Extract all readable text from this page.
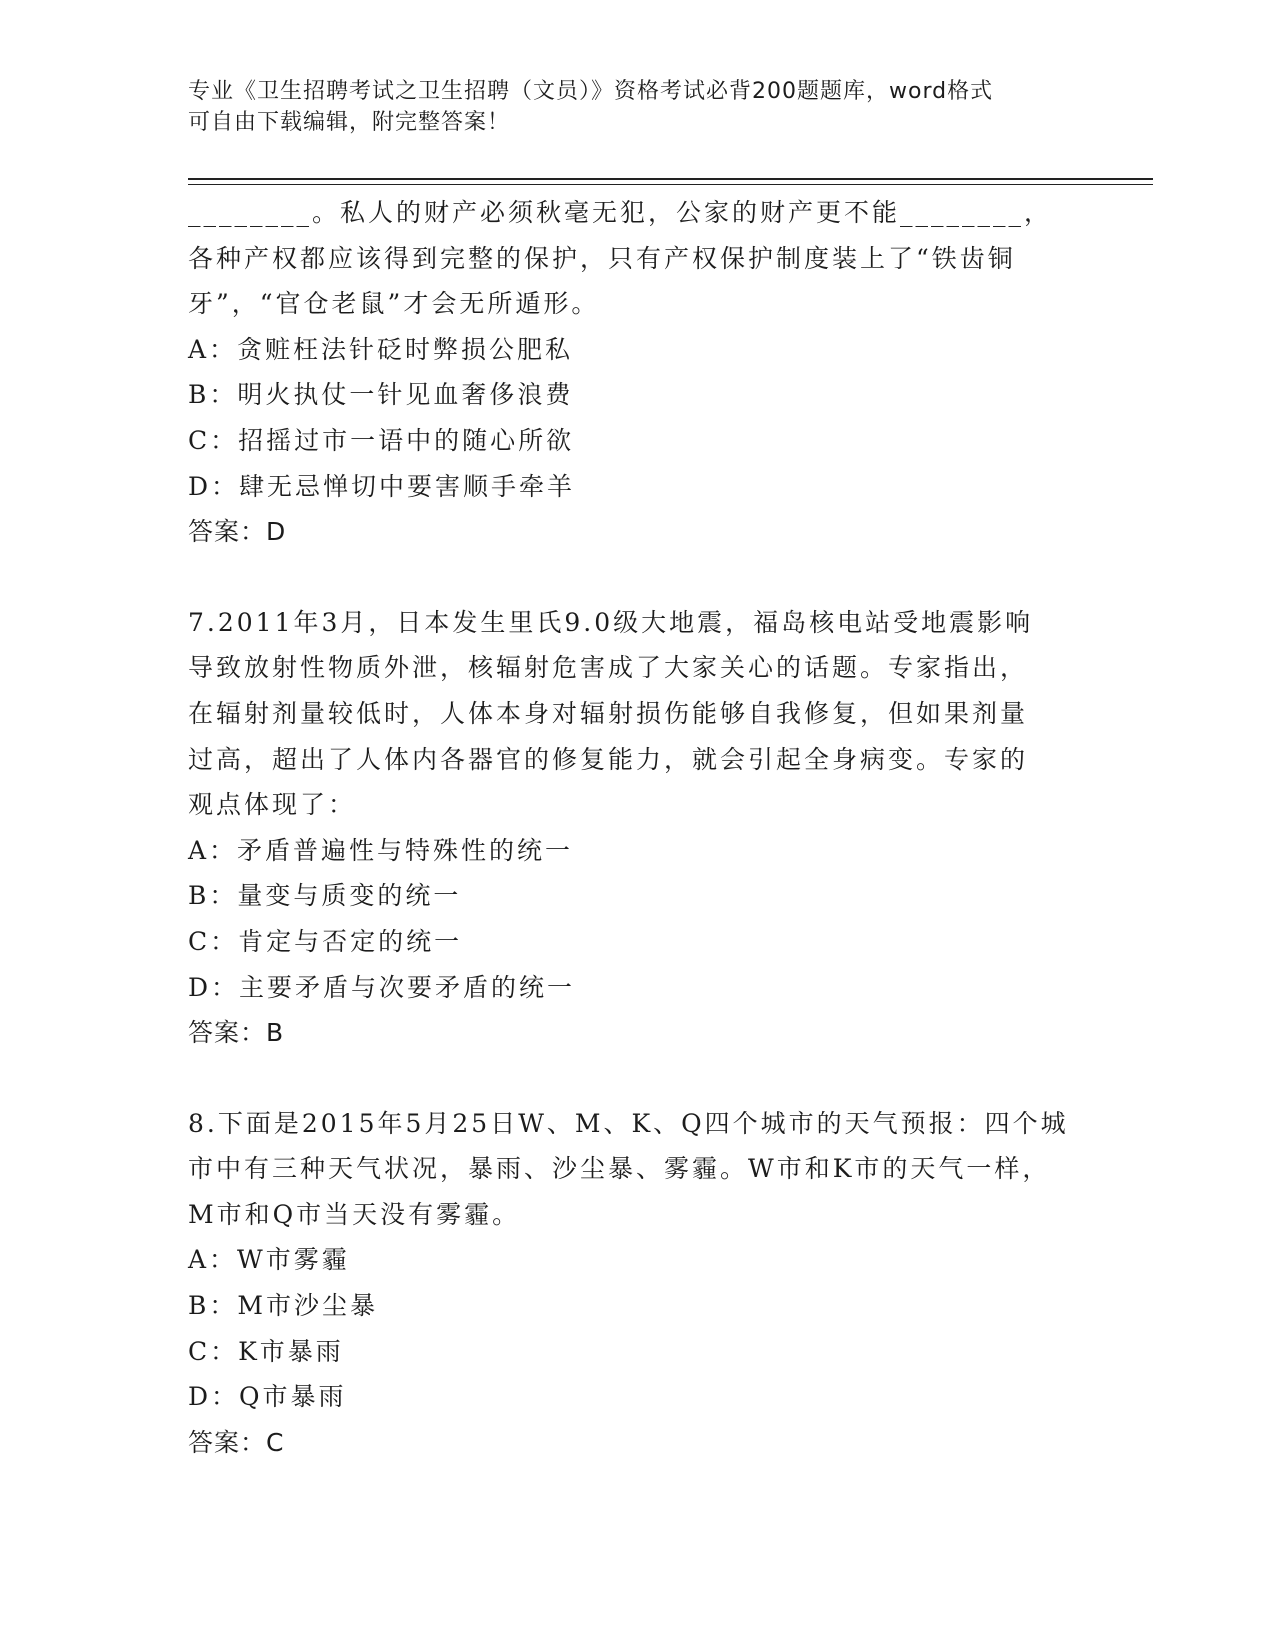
专业《卫生招聘考试之卫生招聘（文员）》资格考试必背200题题库，word格式
可自由下载编辑，附完整答案！

________。私人的财产必须秋毫无犯，公家的财产更不能________，

各种产权都应该得到完整的保护，只有产权保护制度装上了“铁齿铜

牙”，“官仓老鼠”才会无所遁形。

A：贪赃枉法针砭时弊损公肥私

B：明火执仗一针见血奢侈浪费

C：招摇过市一语中的随心所欲

D：肆无忌惮切中要害顺手牵羊

答案：D

7.2011年3月，日本发生里氏9.0级大地震，福岛核电站受地震影响

导致放射性物质外泄，核辐射危害成了大家关心的话题。专家指出，

在辐射剂量较低时，人体本身对辐射损伤能够自我修复，但如果剂量

过高，超出了人体内各器官的修复能力，就会引起全身病变。专家的

观点体现了：

A：矛盾普遍性与特殊性的统一

B：量变与质变的统一

C：肯定与否定的统一

D：主要矛盾与次要矛盾的统一

答案：B

8.下面是2015年5月25日W、M、K、Q四个城市的天气预报：四个城

市中有三种天气状况，暴雨、沙尘暴、雾霾。W市和K市的天气一样，

M市和Q市当天没有雾霾。

A：W市雾霾

B：M市沙尘暴

C：K市暴雨

D：Q市暴雨

答案：C
